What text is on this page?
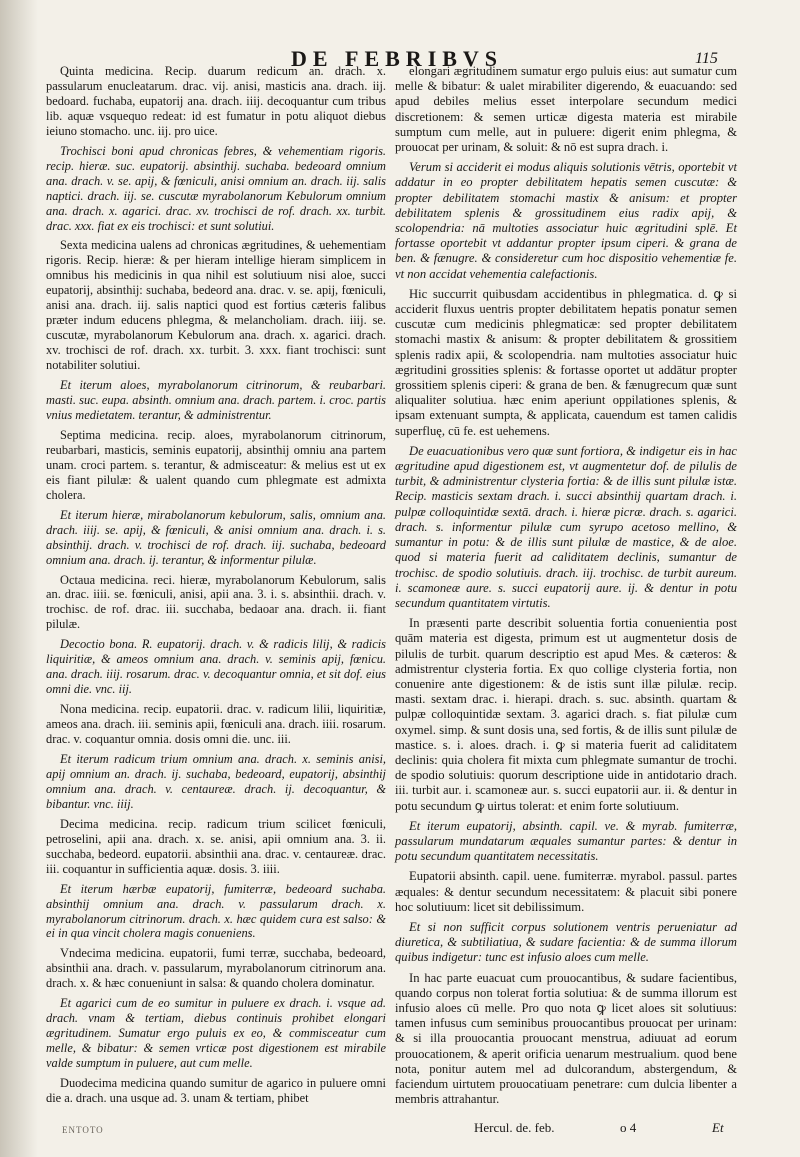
DE FEBRIBVS	115

Quinta medicina. Recip. duarum redicum an. drach. x. passularum enucleatarum. drac. vij. anisi, masticis ana. drach. iij. bedoard. fuchaba, eupatorij ana. drach. iiij. decoquantur cum tribus lib. aquæ vsquequo redeat: id est fumatur in potu aliquot diebus ieiuno stomacho. unc. iij. pro uice.

Trochisci boni apud chronicas febres, & vehementiam rigoris. recip. hieræ. suc. eupatorij. absinthij. suchaba. bedeoard omnium ana. drach. v. se. apij, & fœniculi, anisi omnium an. drach. iij. salis naptici. drach. iij. se. cuscutæ myrabolanorum Kebulorum omnium ana. drach. x. agarici. drac. xv. trochisci de rof. drach. xx. turbit. drac. xxx. fiat ex eis trochisci: et sunt solutiui.

Sexta medicina ualens ad chronicas ægritudines, & uehementiam rigoris. Recip. hieræ: & per hieram intellige hieram simplicem in omnibus his medicinis in qua nihil est solutiuum nisi aloe, succi eupatorij, absinthij: suchaba, bedeord ana. drac. v. se. apij, fœniculi, anisi ana. drach. iij. salis naptici quod est fortius cæteris falibus præter indum educens phlegma, & melancholiam. drach. iiij. se. cuscutæ, myrabolanorum Kebulorum ana. drach. x. agarici. drach. xv. trochisci de rof. drach. xx. turbit. 3. xxx. fiant trochisci: sunt notabiliter solutiui.

Et iterum aloes, myrabolanorum citrinorum, & reubarbari. masti. suc. eupa. absinth. omnium ana. drach. partem. i. croc. partis vnius medietatem. terantur, & administrentur.

Septima medicina. recip. aloes, myrabolanorum citrinorum, reubarbari, masticis, seminis eupatorij, absinthij omniu ana partem unam. croci partem. s. terantur, & admisceatur: & melius est ut ex eis fiant pilulæ: & ualent quando cum phlegmate est admixta cholera.

Et iterum hieræ, mirabolanorum kebulorum, salis, omnium ana. drach. iiij. se. apij, & fœniculi, & anisi omnium ana. drach. i. s. absinthij. drach. v. trochisci de rof. drach. iij. suchaba, bedeoard omnium ana. drach. ij. terantur, & informentur pilulæ.

Octaua medicina. reci. hieræ, myrabolanorum Kebulorum, salis an. drac. iiii. se. fœniculi, anisi, apii ana. 3. i. s. absinthii. drach. v. trochisc. de rof. drac. iii. succhaba, bedaoar ana. drach. ii. fiant pilulæ.

Decoctio bona. R. eupatorij. drach. v. & radicis lilij, & radicis liquiritiæ, & ameos omnium ana. drach. v. seminis apij, fœnicu. ana. drach. iiij. rosarum. drac. v. decoquantur omnia, et sit dof. eius omni die. vnc. iij.

Nona medicina. recip. eupatorii. drac. v. radicum lilii, liquiritiæ, ameos ana. drach. iii. seminis apii, fœniculi ana. drach. iiii. rosarum. drac. v. coquantur omnia. dosis omni die. unc. iii.

Et iterum radicum trium omnium ana. drach. x. seminis anisi, apij omnium an. drach. ij. suchaba, bedeoard, eupatorij, absinthij omnium ana. drach. v. centaureæ. drach. ij. decoquantur, & bibantur. vnc. iiij.

Decima medicina. recip. radicum trium scilicet fœniculi, petroselini, apii ana. drach. x. se. anisi, apii omnium ana. 3. ii. succhaba, bedeord. eupatorii. absinthii ana. drac. v. centaureæ. drac. iii. coquantur in sufficientia aquæ. dosis. 3. iiii.

Et iterum hærbæ eupatorij, fumiterræ, bedeoard suchaba. absinthij omnium ana. drach. v. passularum drach. x. myrabolanorum citrinorum. drach. x. hæc quidem cura est salso: & ei in qua vincit cholera magis conueniens.

Vndecima medicina. eupatorii, fumi terræ, succhaba, bedeoard, absinthii ana. drach. v. passularum, myrabolanorum citrinorum ana. drach. x. & hæc conueniunt in salsa: & quando cholera dominatur.

Et agarici cum de eo sumitur in puluere ex drach. i. vsque ad. drach. vnam & tertiam, diebus continuis prohibet elongari ægritudinem. Sumatur ergo puluis ex eo, & commisceatur cum melle, & bibatur: & semen vrticæ post digestionem est mirabile valde sumptum in puluere, aut cum melle.

Duodecima medicina quando sumitur de agarico in puluere omni die a. drach. una usque ad. 3. unam & tertiam, phibet

elongari ægritudinem sumatur ergo puluis eius: aut sumatur cum melle & bibatur: & ualet mirabiliter digerendo, & euacuando: sed apud debiles melius esset interpolare secundum medici discretionem: & semen urticæ digesta materia est mirabile sumptum cum melle, aut in puluere: digerit enim phlegma, & prouocat per urinam, & soluit: & nō est supra drach. i.

Verum si acciderit ei modus aliquis solutionis vētris, oportebit vt addatur in eo propter debilitatem hepatis semen cuscutæ: & propter debilitatem stomachi mastix & anisum: et propter debilitatem splenis & grossitudinem eius radix apij, & scolopendria: nā multoties associatur huic ægritudini splē. Et fortasse oportebit vt addantur propter ipsum ciperi. & grana de ben. & fænugre. & consideretur cum hoc dispositio vehementiæ fe. vt non accidat vehementia calefactionis.

Hic succurrit quibusdam accidentibus in phlegmatica. d. ꝙ si acciderit fluxus uentris propter debilitatem hepatis ponatur semen cuscutæ cum medicinis phlegmaticæ: sed propter debilitatem stomachi mastix & anisum: & propter debilitatem & grossitiem splenis radix apii, & scolopendria. nam multoties associatur huic ægritudini grossities splenis: & fortasse oportet ut addātur propter grossitiem splenis ciperi: & grana de ben. & fænugrecum quæ sunt aliqualiter solutiua. hæc enim aperiunt oppilationes splenis, & ipsam extenuant sumpta, & applicata, cauendum est tamen calidis superfluę, cū fe. est uehemens.

De euacuationibus vero quæ sunt fortiora, & indigetur eis in hac ægritudine apud digestionem est, vt augmentetur dof. de pilulis de turbit, & administrentur clysteria fortia: & de illis sunt pilulæ istæ. Recip. masticis sextam drach. i. succi absinthij quartam drach. i. pulpæ colloquintidæ sextā. drach. i. hieræ picræ. drach. s. agarici. drach. s. informentur pilulæ cum syrupo acetoso mellino, & sumantur in potu: & de illis sunt pilulæ de mastice, & de aloe. quod si materia fuerit ad caliditatem declinis, sumantur de trochisc. de spodio solutiuis. drach. iij. trochisc. de turbit aureum. i. scamoneæ aure. s. succi eupatorij aure. ij. & dentur in potu secundum quantitatem virtutis.

In præsenti parte describit soluentia fortia conuenientia post quām materia est digesta, primum est ut augmentetur dosis de pilulis de turbit. quarum descriptio est apud Mes. & cæteros: & admistrentur clysteria fortia. Ex quo collige clysteria fortia, non conuenire ante digestionem: & de istis sunt illæ pilulæ. recip. masti. sextam drac. i. hierapi. drach. s. suc. absinth. quartam & pulpæ colloquintidæ sextam. 3. agarici drach. s. fiat pilulæ cum oxymel. simp. & sunt dosis una, sed fortis, & de illis sunt pilulæ de mastice. s. i. aloes. drach. i. ꝙ si materia fuerit ad caliditatem declinis: quia cholera fit mixta cum phlegmate sumantur de trochi. de spodio solutiuis: quorum descriptione uide in antidotario drach. iii. turbit aur. i. scamoneæ aur. s. succi eupatorii aur. ii. & dentur in potu secundum ꝙ uirtus tolerat: et enim forte solutiuum.

Et iterum eupatorij, absinth. capil. ve. & myrab. fumiterræ, passularum mundatarum æquales sumantur partes: & dentur in potu secundum quantitatem necessitatis.

Eupatorii absinth. capil. uene. fumiterræ. myrabol. passul. partes æquales: & dentur secundum necessitatem: & placuit sibi ponere hoc solutiuum: licet sit debilissimum.

Et si non sufficit corpus solutionem ventris perueniatur ad diuretica, & subtiliatiua, & sudare facientia: & de summa illorum quibus indigetur: tunc est infusio aloes cum melle.

In hac parte euacuat cum prouocantibus, & sudare facientibus, quando corpus non tolerat fortia solutiua: & de summa illorum est infusio aloes cū melle. Pro quo nota ꝙ licet aloes sit solutiuus: tamen infusus cum seminibus prouocantibus prouocat per urinam: & si illa prouocantia prouocant menstrua, adiuuat ad eorum prouocationem, & aperit orificia uenarum mestrualium. quod bene nota, ponitur autem mel ad dulcorandum, abstergendum, & faciendum uirtutem prouocatiuam penetrare: cum dulcia libenter a membris attrahantur.

ENTOTO	Hercul. de. feb.	o 4	Et
